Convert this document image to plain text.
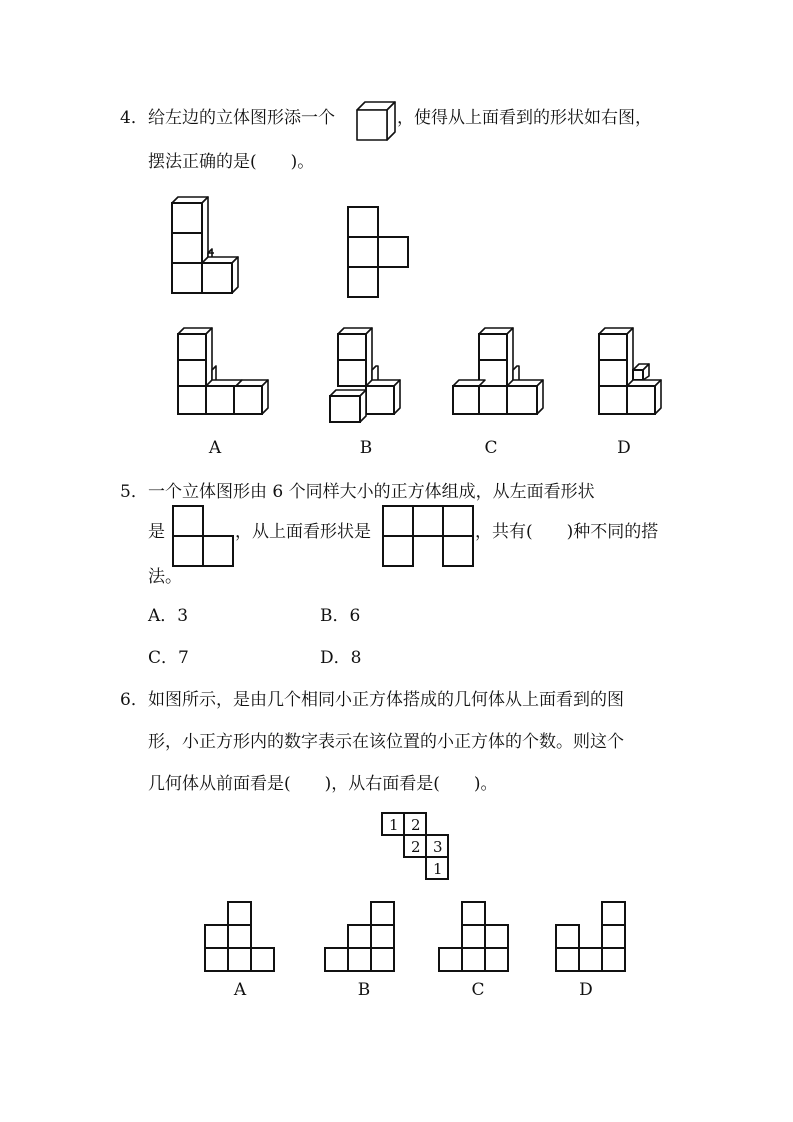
4． 给左边的立体图形添一个	，使得从上面看到的形状如右图，
摆法正确的是(　　)。
A	B	C	D
5． 一个立体图形由 6 个同样大小的正方体组成，从左面看形状
是	，从上面看形状是	，共有(　　)种不同的搭
法。
A．3	B．6
C．7	D．8
6． 如图所示，是由几个相同小正方体搭成的几何体从上面看到的图
形，小正方形内的数字表示在该位置的小正方体的个数。则这个
几何体从前面看是(　　)，从右面看是(　　)。
1 2
2 3
1
A	B	C	D
